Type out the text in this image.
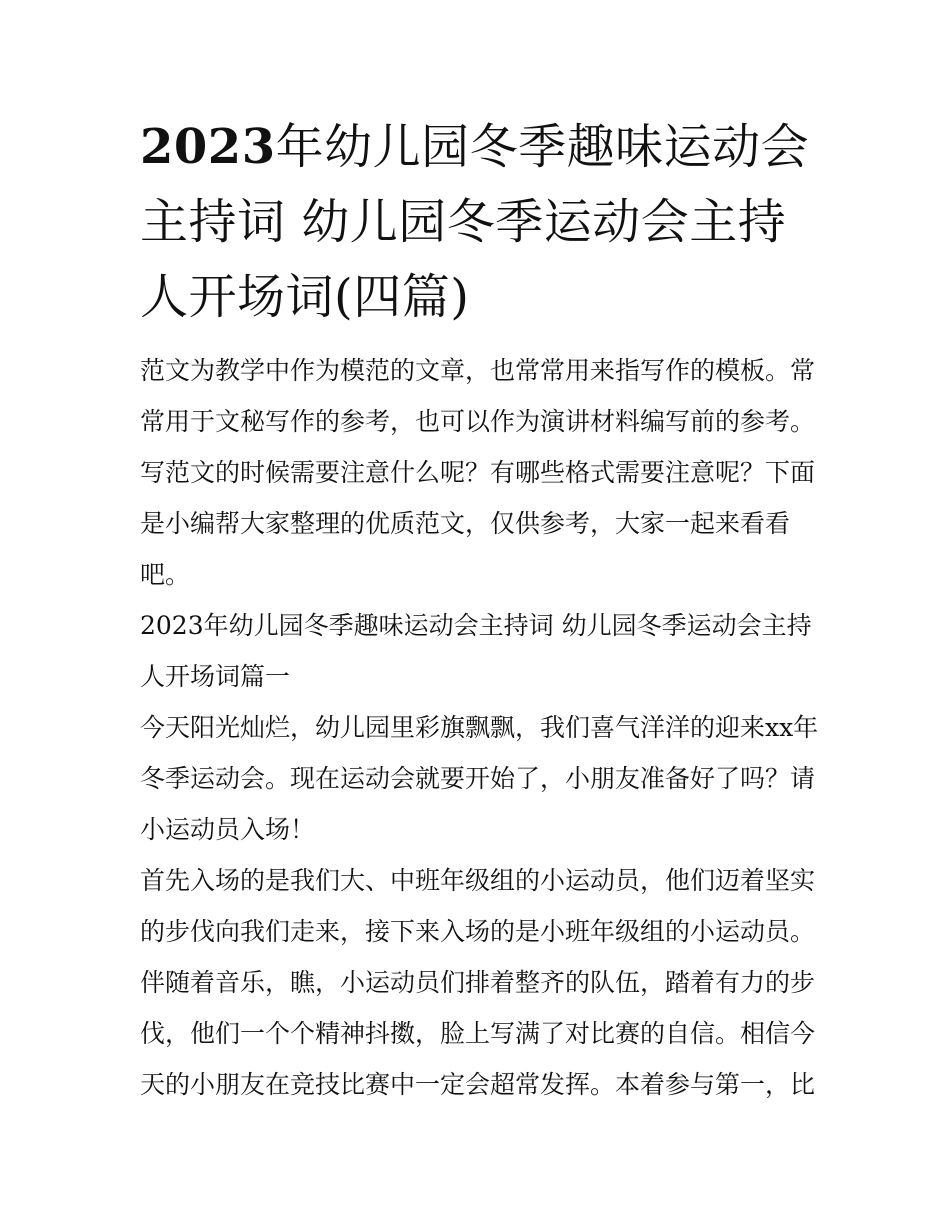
2023年幼儿园冬季趣味运动会主持词 幼儿园冬季运动会主持人开场词(四篇)

范文为教学中作为模范的文章，也常常用来指写作的模板。常常用于文秘写作的参考，也可以作为演讲材料编写前的参考。写范文的时候需要注意什么呢？有哪些格式需要注意呢？下面是小编帮大家整理的优质范文，仅供参考，大家一起来看看吧。

2023年幼儿园冬季趣味运动会主持词 幼儿园冬季运动会主持人开场词篇一

今天阳光灿烂，幼儿园里彩旗飘飘，我们喜气洋洋的迎来xx年冬季运动会。现在运动会就要开始了，小朋友准备好了吗？请小运动员入场！

首先入场的是我们大、中班年级组的小运动员，他们迈着坚实的步伐向我们走来，接下来入场的是小班年级组的小运动员。伴随着音乐，瞧，小运动员们排着整齐的队伍，踏着有力的步伐，他们一个个精神抖擞，脸上写满了对比赛的自信。相信今天的小朋友在竞技比赛中一定会超常发挥。本着参与第一，比
